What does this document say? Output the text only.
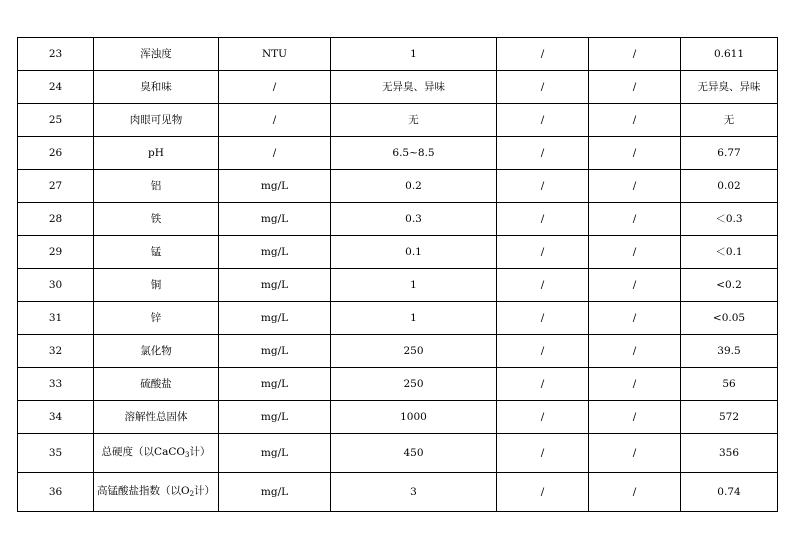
23	浑浊度	NTU	1	/	/	0.611
24	臭和味	/	无异臭、异味	/	/	无异臭、异味
25	肉眼可见物	/	无	/	/	无
26	pH	/	6.5~8.5	/	/	6.77
27	铝	mg/L	0.2	/	/	0.02
28	铁	mg/L	0.3	/	/	＜0.3
29	锰	mg/L	0.1	/	/	＜0.1
30	铜	mg/L	1	/	/	<0.2
31	锌	mg/L	1	/	/	<0.05
32	氯化物	mg/L	250	/	/	39.5
33	硫酸盐	mg/L	250	/	/	56
34	溶解性总固体	mg/L	1000	/	/	572
35	总硬度（以CaCO$_3$计）	mg/L	450	/	/	356
36	高锰酸盐指数（以$O_2$计）	mg/L	3	/	/	0.74
